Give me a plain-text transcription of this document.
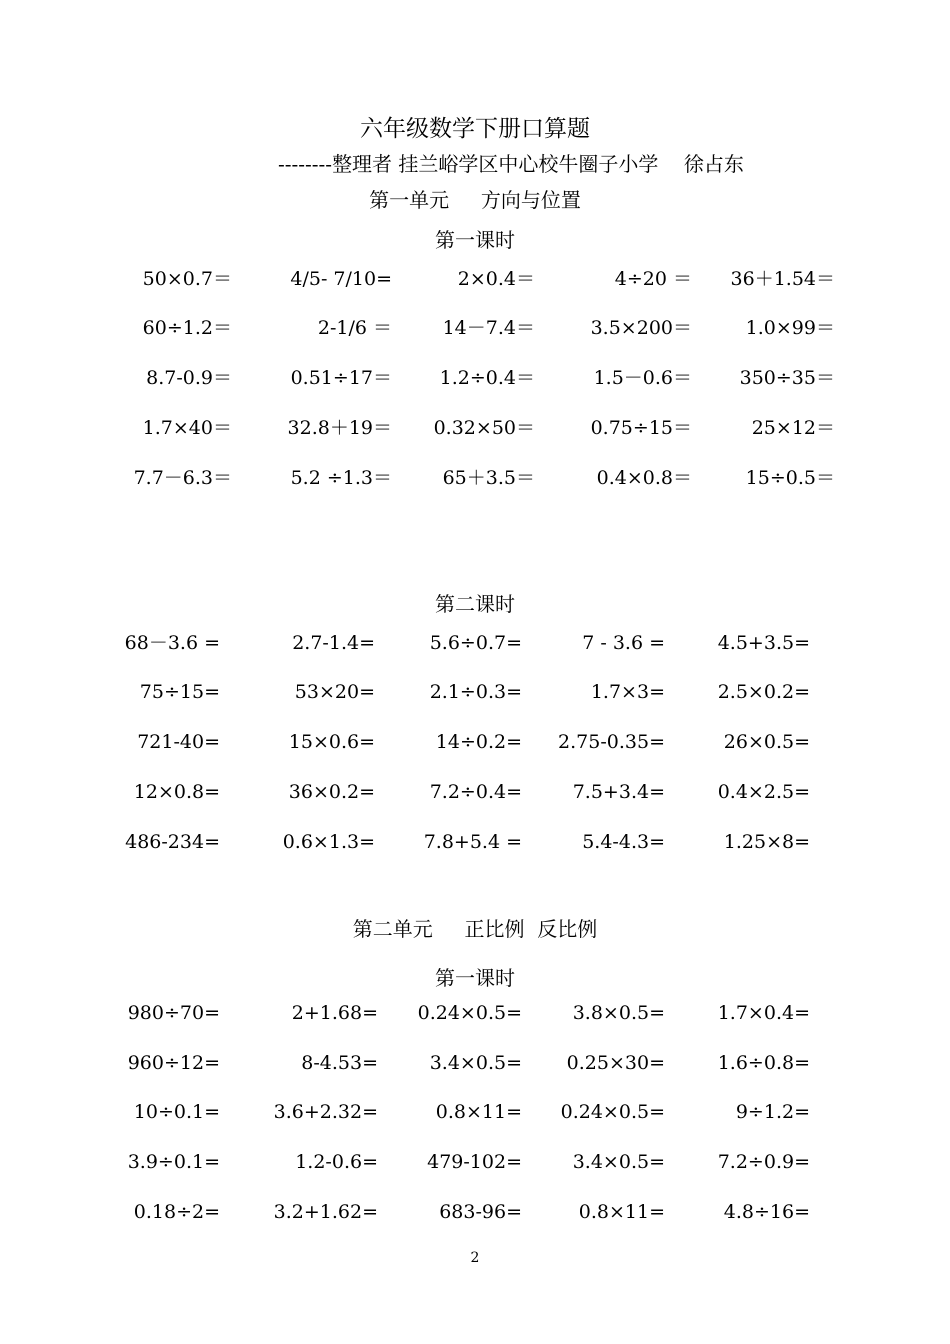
六年级数学下册口算题
--------整理者 挂兰峪学区中心校牛圈子小学    徐占东
第一单元     方向与位置
第一课时
50×0.7＝	4/5- 7/10=	2×0.4＝	4÷20 ＝	36＋1.54＝
60÷1.2＝	2-1/6 ＝	14－7.4＝	3.5×200＝	1.0×99＝
8.7-0.9＝	0.51÷17＝	1.2÷0.4＝	1.5－0.6＝	350÷35＝
1.7×40＝	32.8＋19＝	0.32×50＝	0.75÷15＝	25×12＝
7.7－6.3＝	5.2 ÷1.3＝	65＋3.5＝	0.4×0.8＝	15÷0.5＝
第二课时
68－3.6 =	2.7-1.4=	5.6÷0.7=	7 - 3.6 =	4.5+3.5=
75÷15=	53×20=	2.1÷0.3=	1.7×3=	2.5×0.2=
721-40=	15×0.6=	14÷0.2=	2.75-0.35=	26×0.5=
12×0.8=	36×0.2=	7.2÷0.4=	7.5+3.4=	0.4×2.5=
486-234=	0.6×1.3=	7.8+5.4 =	5.4-4.3=	1.25×8=
第二单元     正比例  反比例
第一课时
980÷70=	2+1.68=	0.24×0.5=	3.8×0.5=	1.7×0.4=
960÷12=	8-4.53=	3.4×0.5=	0.25×30=	1.6÷0.8=
10÷0.1=	3.6+2.32=	0.8×11=	0.24×0.5=	9÷1.2=
3.9÷0.1=	1.2-0.6=	479-102=	3.4×0.5=	7.2÷0.9=
0.18÷2=	3.2+1.62=	683-96=	0.8×11=	4.8÷16=
2
